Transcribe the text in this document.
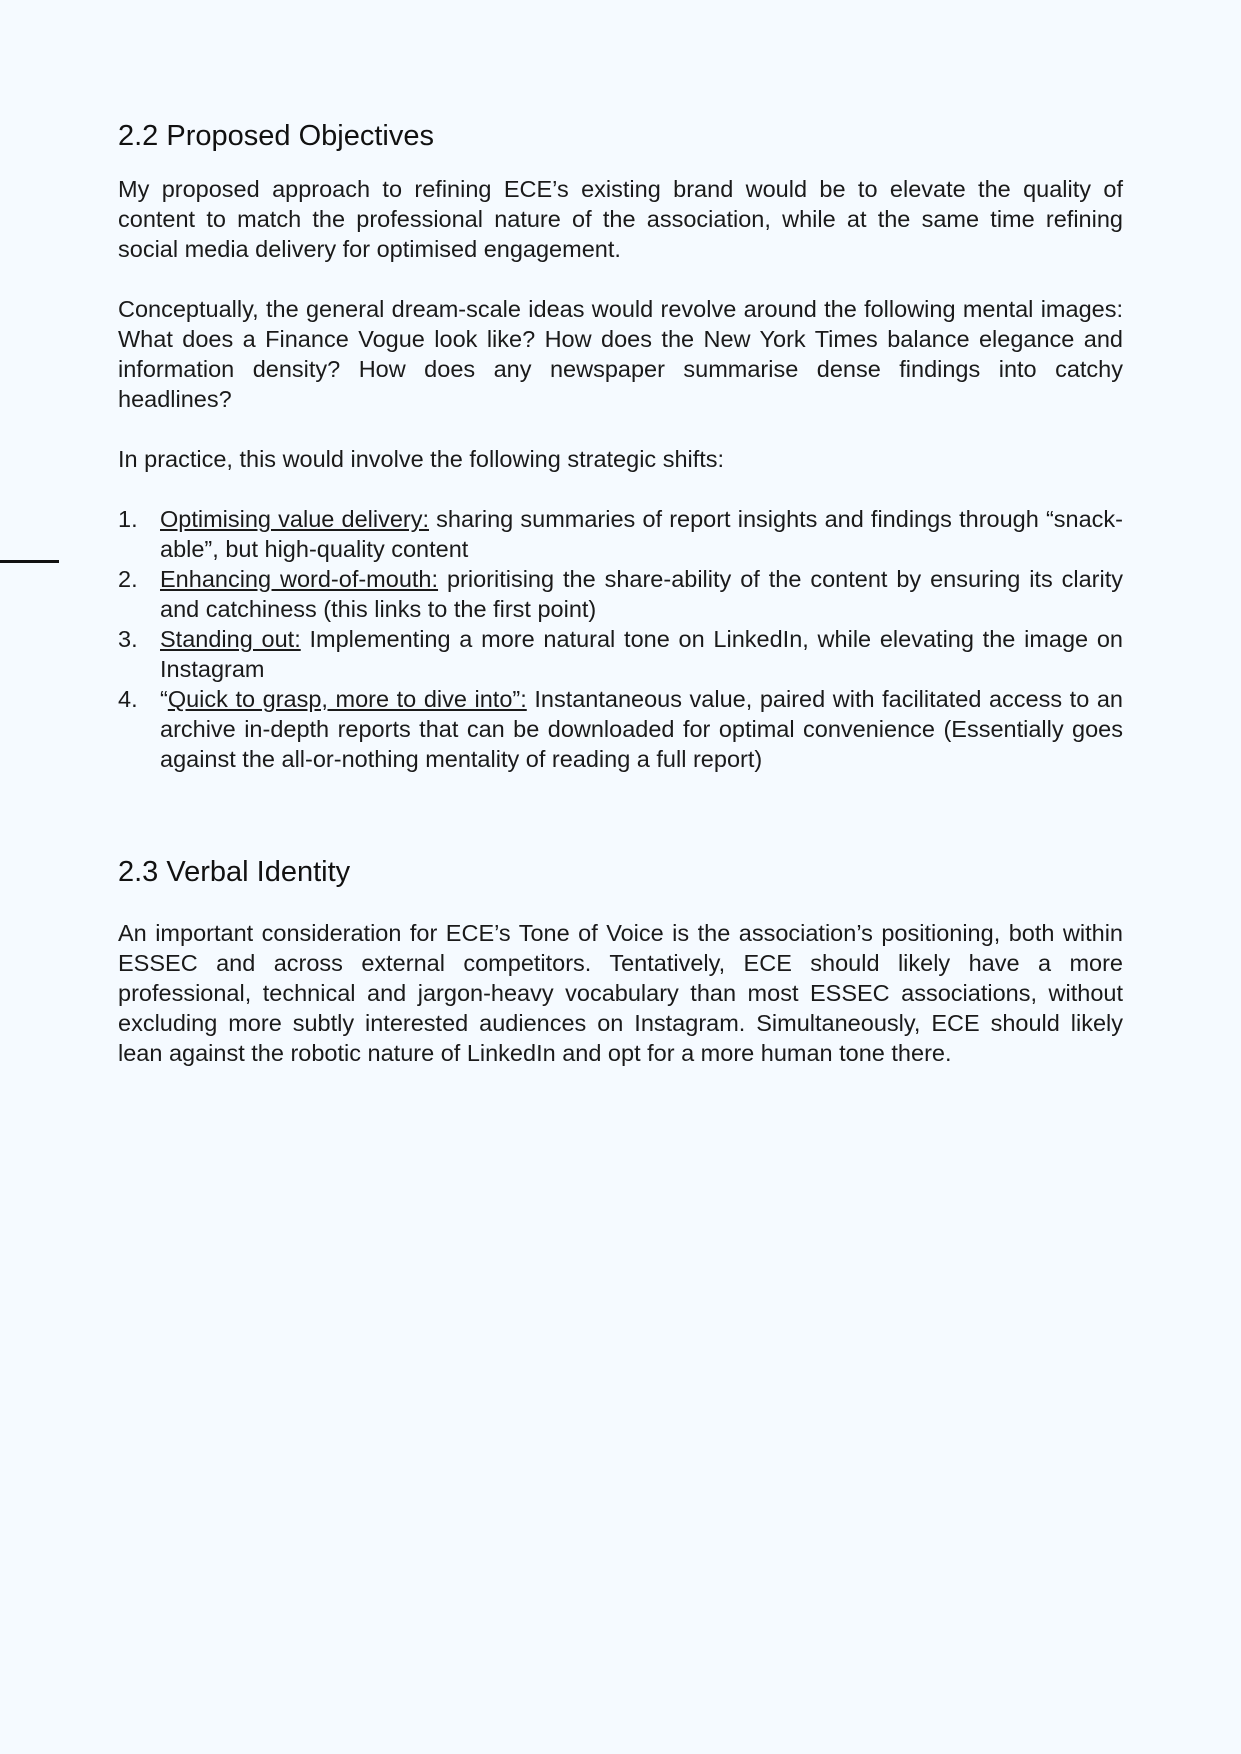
2.2 Proposed Objectives

My proposed approach to refining ECE’s existing brand would be to elevate the quality of content to match the professional nature of the association, while at the same time refining social media delivery for optimised engagement.

Conceptually, the general dream-scale ideas would revolve around the following mental images: What does a Finance Vogue look like? How does the New York Times balance elegance and information density? How does any newspaper summarise dense findings into catchy headlines?

In practice, this would involve the following strategic shifts:

1. Optimising value delivery: sharing summaries of report insights and findings through “snack-able”, but high-quality content
2. Enhancing word-of-mouth: prioritising the share-ability of the content by ensuring its clarity and catchiness (this links to the first point)
3. Standing out: Implementing a more natural tone on LinkedIn, while elevating the image on Instagram
4. “Quick to grasp, more to dive into”: Instantaneous value, paired with facilitated access to an archive in-depth reports that can be downloaded for optimal convenience (Essentially goes against the all-or-nothing mentality of reading a full report)
2.3 Verbal Identity

An important consideration for ECE’s Tone of Voice is the association’s positioning, both within ESSEC and across external competitors. Tentatively, ECE should likely have a more professional, technical and jargon-heavy vocabulary than most ESSEC associations, without excluding more subtly interested audiences on Instagram. Simultaneously, ECE should likely lean against the robotic nature of LinkedIn and opt for a more human tone there.
